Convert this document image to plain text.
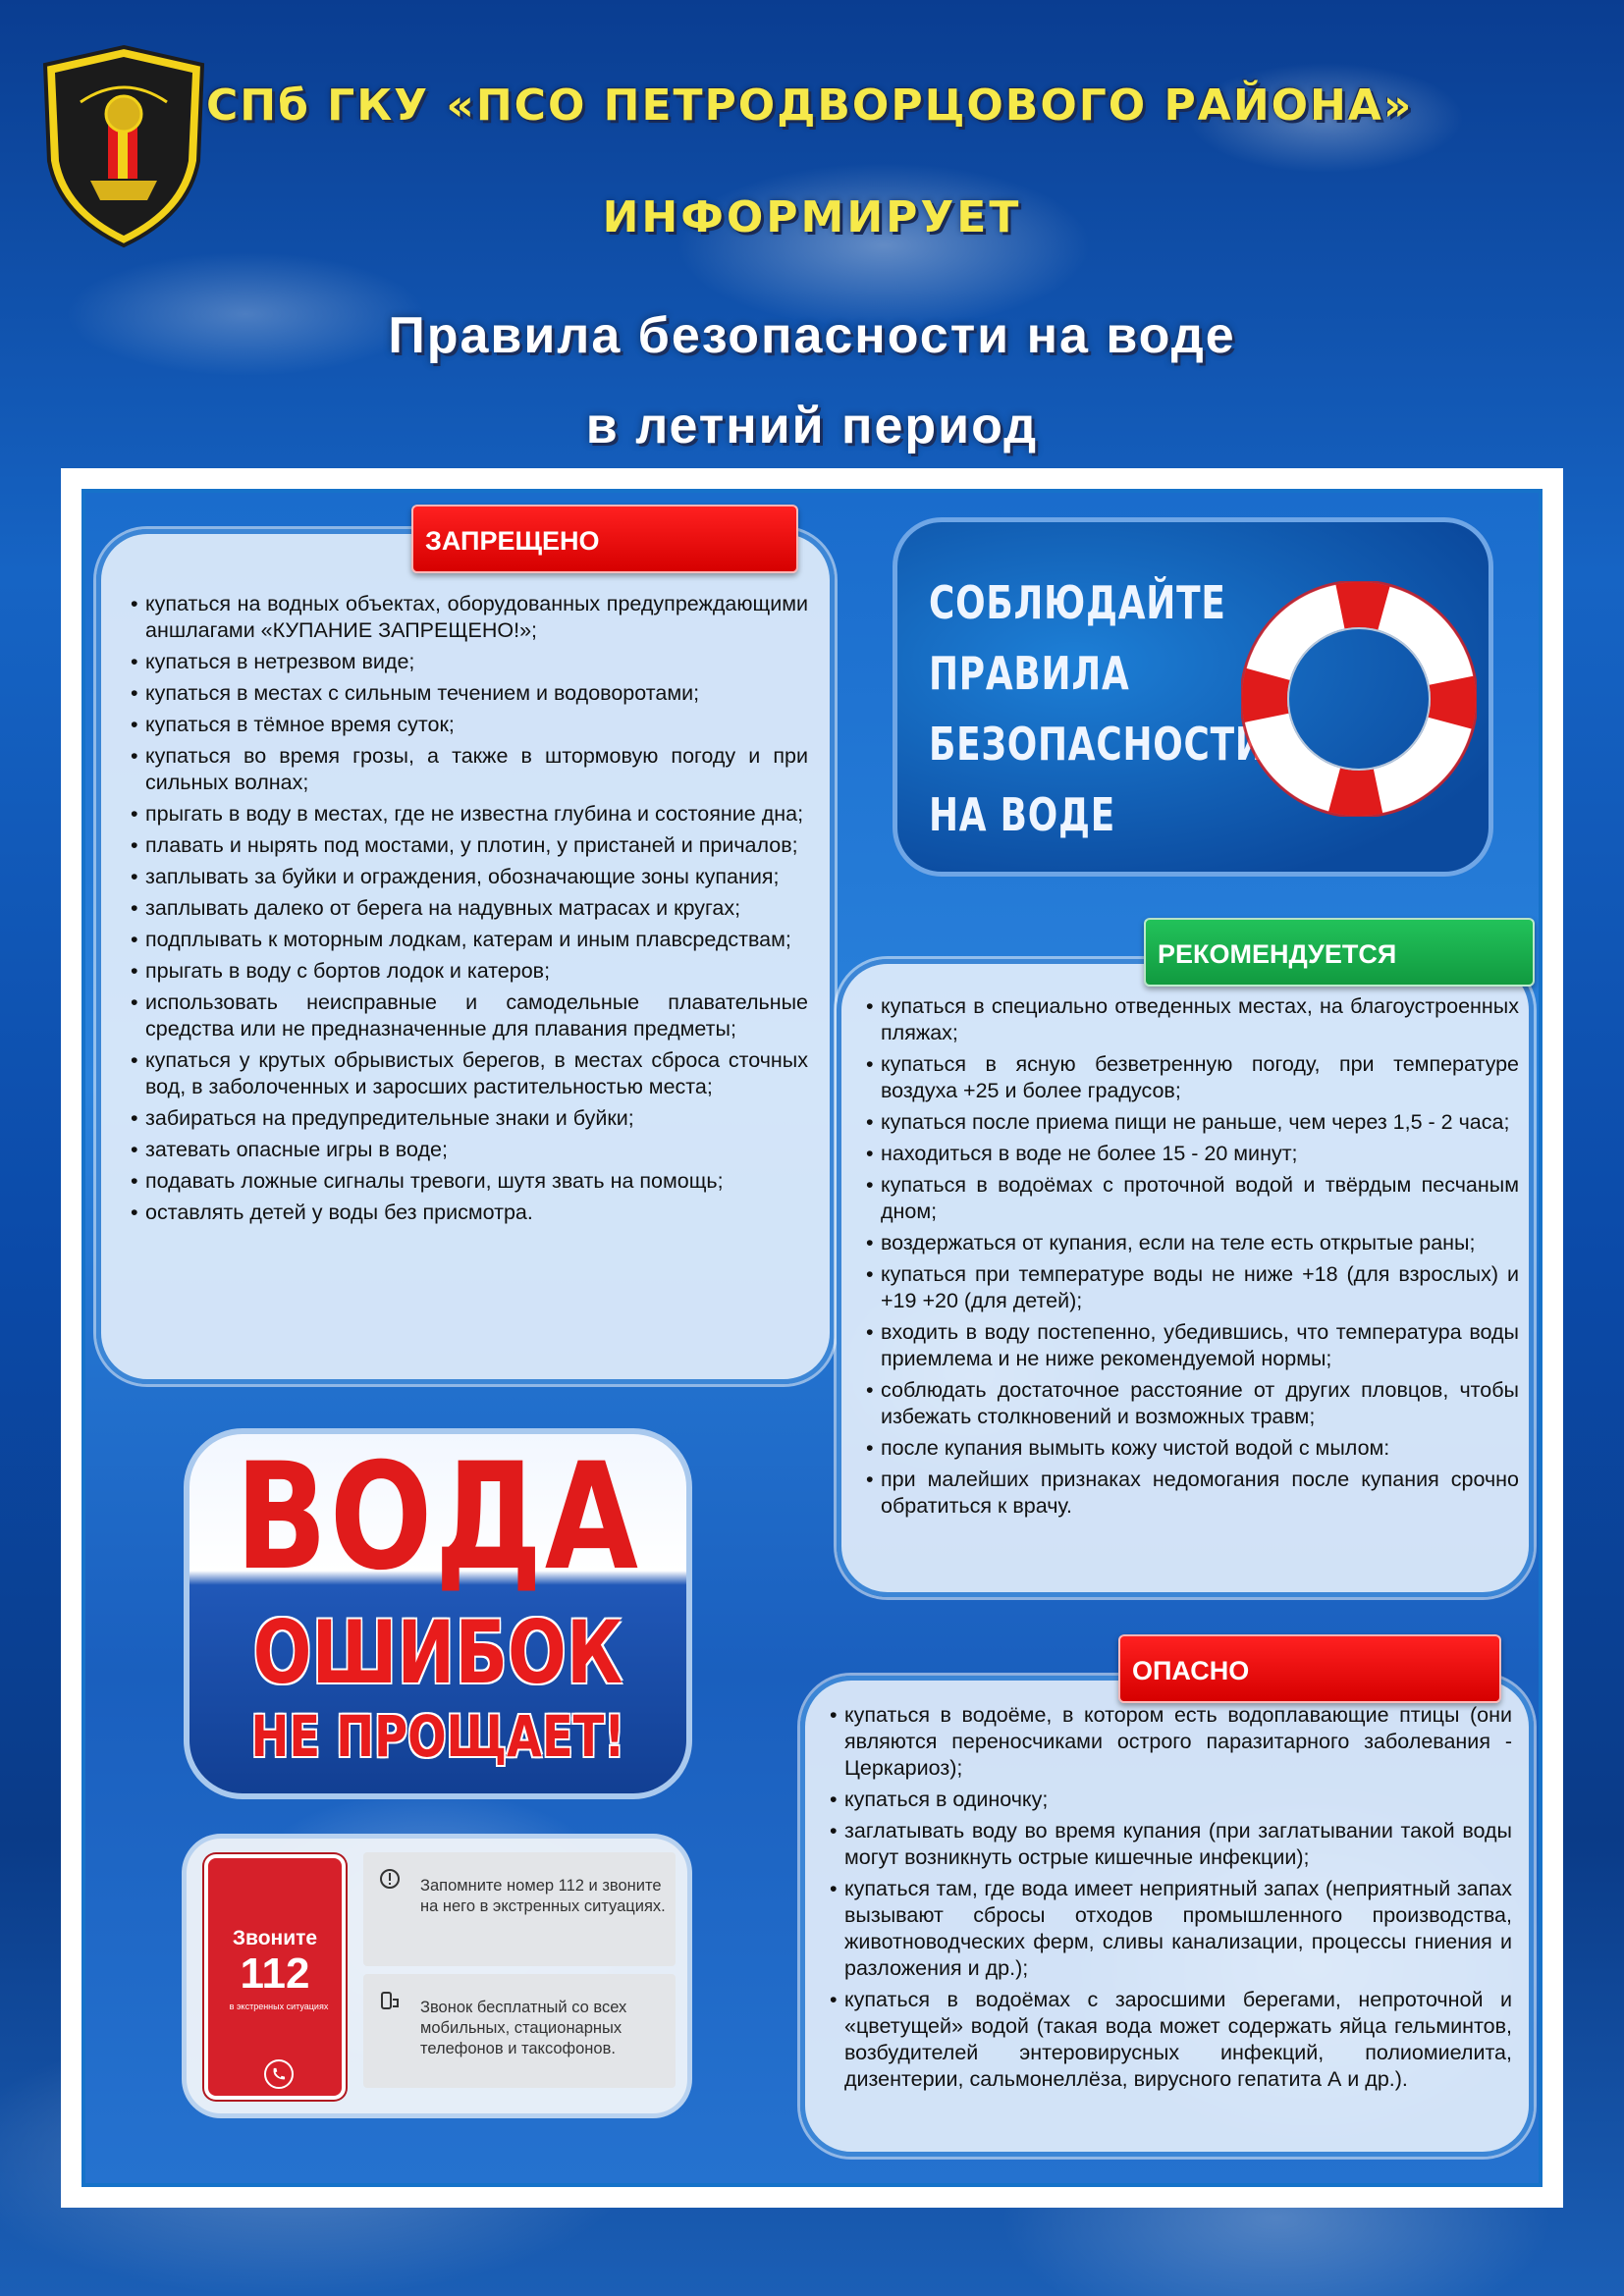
СПб ГКУ «ПСО ПЕТРОДВОРЦОВОГО РАЙОНА»
ИНФОРМИРУЕТ
Правила безопасности на воде
в летний период
• купаться на водных объектах, оборудованных предупреждающими аншлагами «КУПАНИЕ ЗАПРЕЩЕНО!»;
• купаться в нетрезвом виде;
• купаться в местах с сильным течением и водоворотами;
• купаться в тёмное время суток;
• купаться во время грозы, а также в штормовую погоду и при сильных волнах;
• прыгать в воду в местах, где не известна глубина и состояние дна;
• плавать и нырять под мостами, у плотин, у пристаней и причалов;
• заплывать за буйки и ограждения, обозначающие зоны купания;
• заплывать далеко от берега на надувных матрасах и кругах;
• подплывать к моторным лодкам, катерам и иным плавсредствам;
• прыгать в воду с бортов лодок и катеров;
• использовать неисправные и самодельные плавательные средства или не предназначенные для плавания предметы;
• купаться у крутых обрывистых берегов, в местах сброса сточных вод, в заболоченных и заросших растительностью места;
• забираться на предупредительные знаки и буйки;
• затевать опасные игры в воде;
• подавать ложные сигналы тревоги, шутя звать на помощь;
• оставлять детей у воды без присмотра.
ЗАПРЕЩЕНО
СОБЛЮДАЙТЕ
ПРАВИЛА
БЕЗОПАСНОСТИ
НА ВОДЕ
• купаться в специально отведенных местах, на благоустроенных пляжах;
• купаться в ясную безветренную погоду, при температуре воздуха +25 и более градусов;
• купаться после приема пищи не раньше, чем через 1,5 - 2 часа;
• находиться в воде не более 15 - 20 минут;
• купаться в водоёмах с проточной водой и твёрдым песчаным дном;
• воздержаться от купания, если на теле есть открытые раны;
• купаться при температуре воды не ниже +18 (для взрослых) и +19 +20 (для детей);
• входить в воду постепенно, убедившись, что температура воды приемлема и не ниже рекомендуемой нормы;
• соблюдать достаточное расстояние от других пловцов, чтобы избежать столкновений и возможных травм;
• после купания вымыть кожу чистой водой с мылом:
• при малейших признаках недомогания после купания срочно обратиться к врачу.
РЕКОМЕНДУЕТСЯ
ВОДА
ОШИБОК
НЕ ПРОЩАЕТ!
Звоните
112
в экстренных ситуациях
Запомните номер 112 и звоните на него в экстренных ситуациях.
Звонок бесплатный со всех мобильных, стационарных телефонов и таксофонов.
• купаться в водоёме, в котором есть водоплавающие птицы (они являются переносчиками острого паразитарного заболевания - Церкариоз);
• купаться в одиночку;
• заглатывать воду во время купания (при заглатывании такой воды могут возникнуть острые кишечные инфекции);
• купаться там, где вода имеет неприятный запах (неприятный запах вызывают сбросы отходов промышленного производства, животноводческих ферм, сливы канализации, процессы гниения и разложения и др.);
• купаться в водоёмах с заросшими берегами, непроточной и «цветущей» водой (такая вода может содержать яйца гельминтов, возбудителей энтеровирусных инфекций, полиомиелита, дизентерии, сальмонеллёза, вирусного гепатита А и др.).
ОПАСНО
